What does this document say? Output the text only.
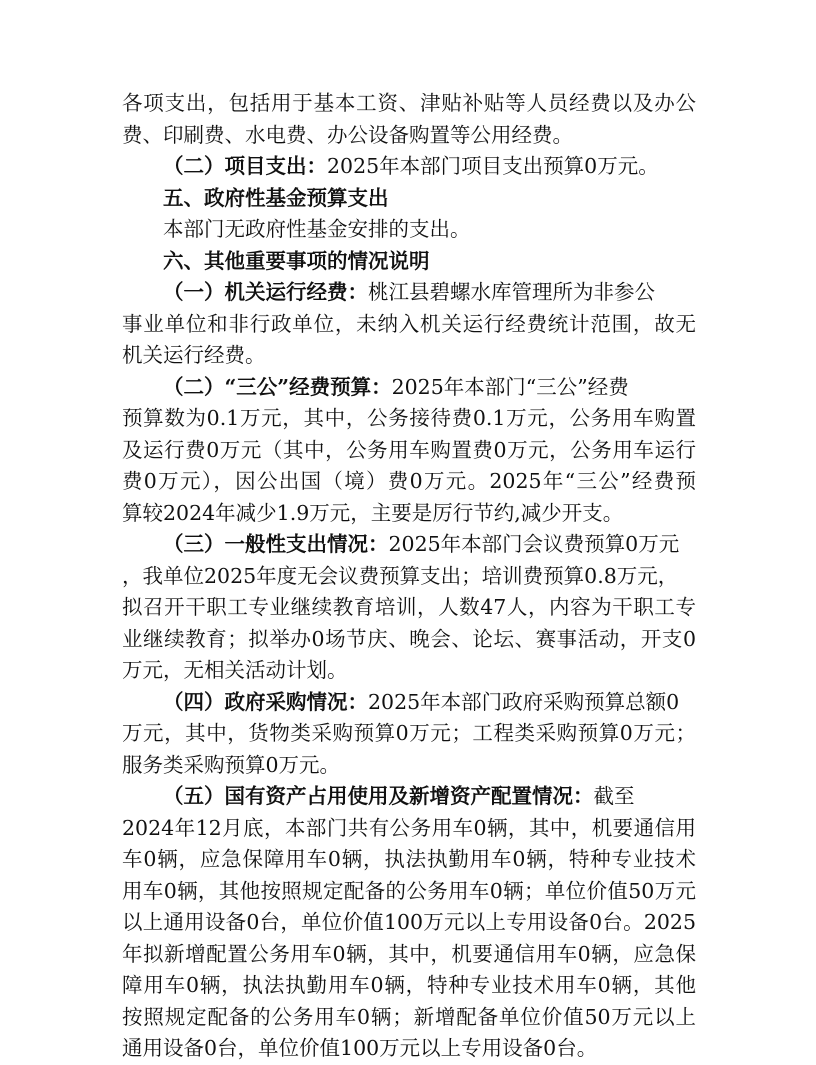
各项支出，包括用于基本工资、津贴补贴等人员经费以及办公
费、印刷费、水电费、办公设备购置等公用经费。
（二）项目支出：2025年本部门项目支出预算0万元。
五、政府性基金预算支出
本部门无政府性基金安排的支出。
六、其他重要事项的情况说明
（一）机关运行经费：桃江县碧螺水库管理所为非参公
事业单位和非行政单位，未纳入机关运行经费统计范围，故无
机关运行经费。
（二）“三公”经费预算：2025年本部门“三公”经费
预算数为0.1万元，其中，公务接待费0.1万元，公务用车购置
及运行费0万元（其中，公务用车购置费0万元，公务用车运行
费0万元），因公出国（境）费0万元。2025年“三公”经费预
算较2024年减少1.9万元，主要是厉行节约,减少开支。
（三）一般性支出情况：2025年本部门会议费预算0万元
，我单位2025年度无会议费预算支出；培训费预算0.8万元，
拟召开干职工专业继续教育培训，人数47人，内容为干职工专
业继续教育；拟举办0场节庆、晚会、论坛、赛事活动，开支0
万元，无相关活动计划。
（四）政府采购情况：2025年本部门政府采购预算总额0
万元，其中，货物类采购预算0万元；工程类采购预算0万元；
服务类采购预算0万元。
（五）国有资产占用使用及新增资产配置情况：截至
2024年12月底，本部门共有公务用车0辆，其中，机要通信用
车0辆，应急保障用车0辆，执法执勤用车0辆，特种专业技术
用车0辆，其他按照规定配备的公务用车0辆；单位价值50万元
以上通用设备0台，单位价值100万元以上专用设备0台。2025
年拟新增配置公务用车0辆，其中，机要通信用车0辆，应急保
障用车0辆，执法执勤用车0辆，特种专业技术用车0辆，其他
按照规定配备的公务用车0辆；新增配备单位价值50万元以上
通用设备0台，单位价值100万元以上专用设备0台。
